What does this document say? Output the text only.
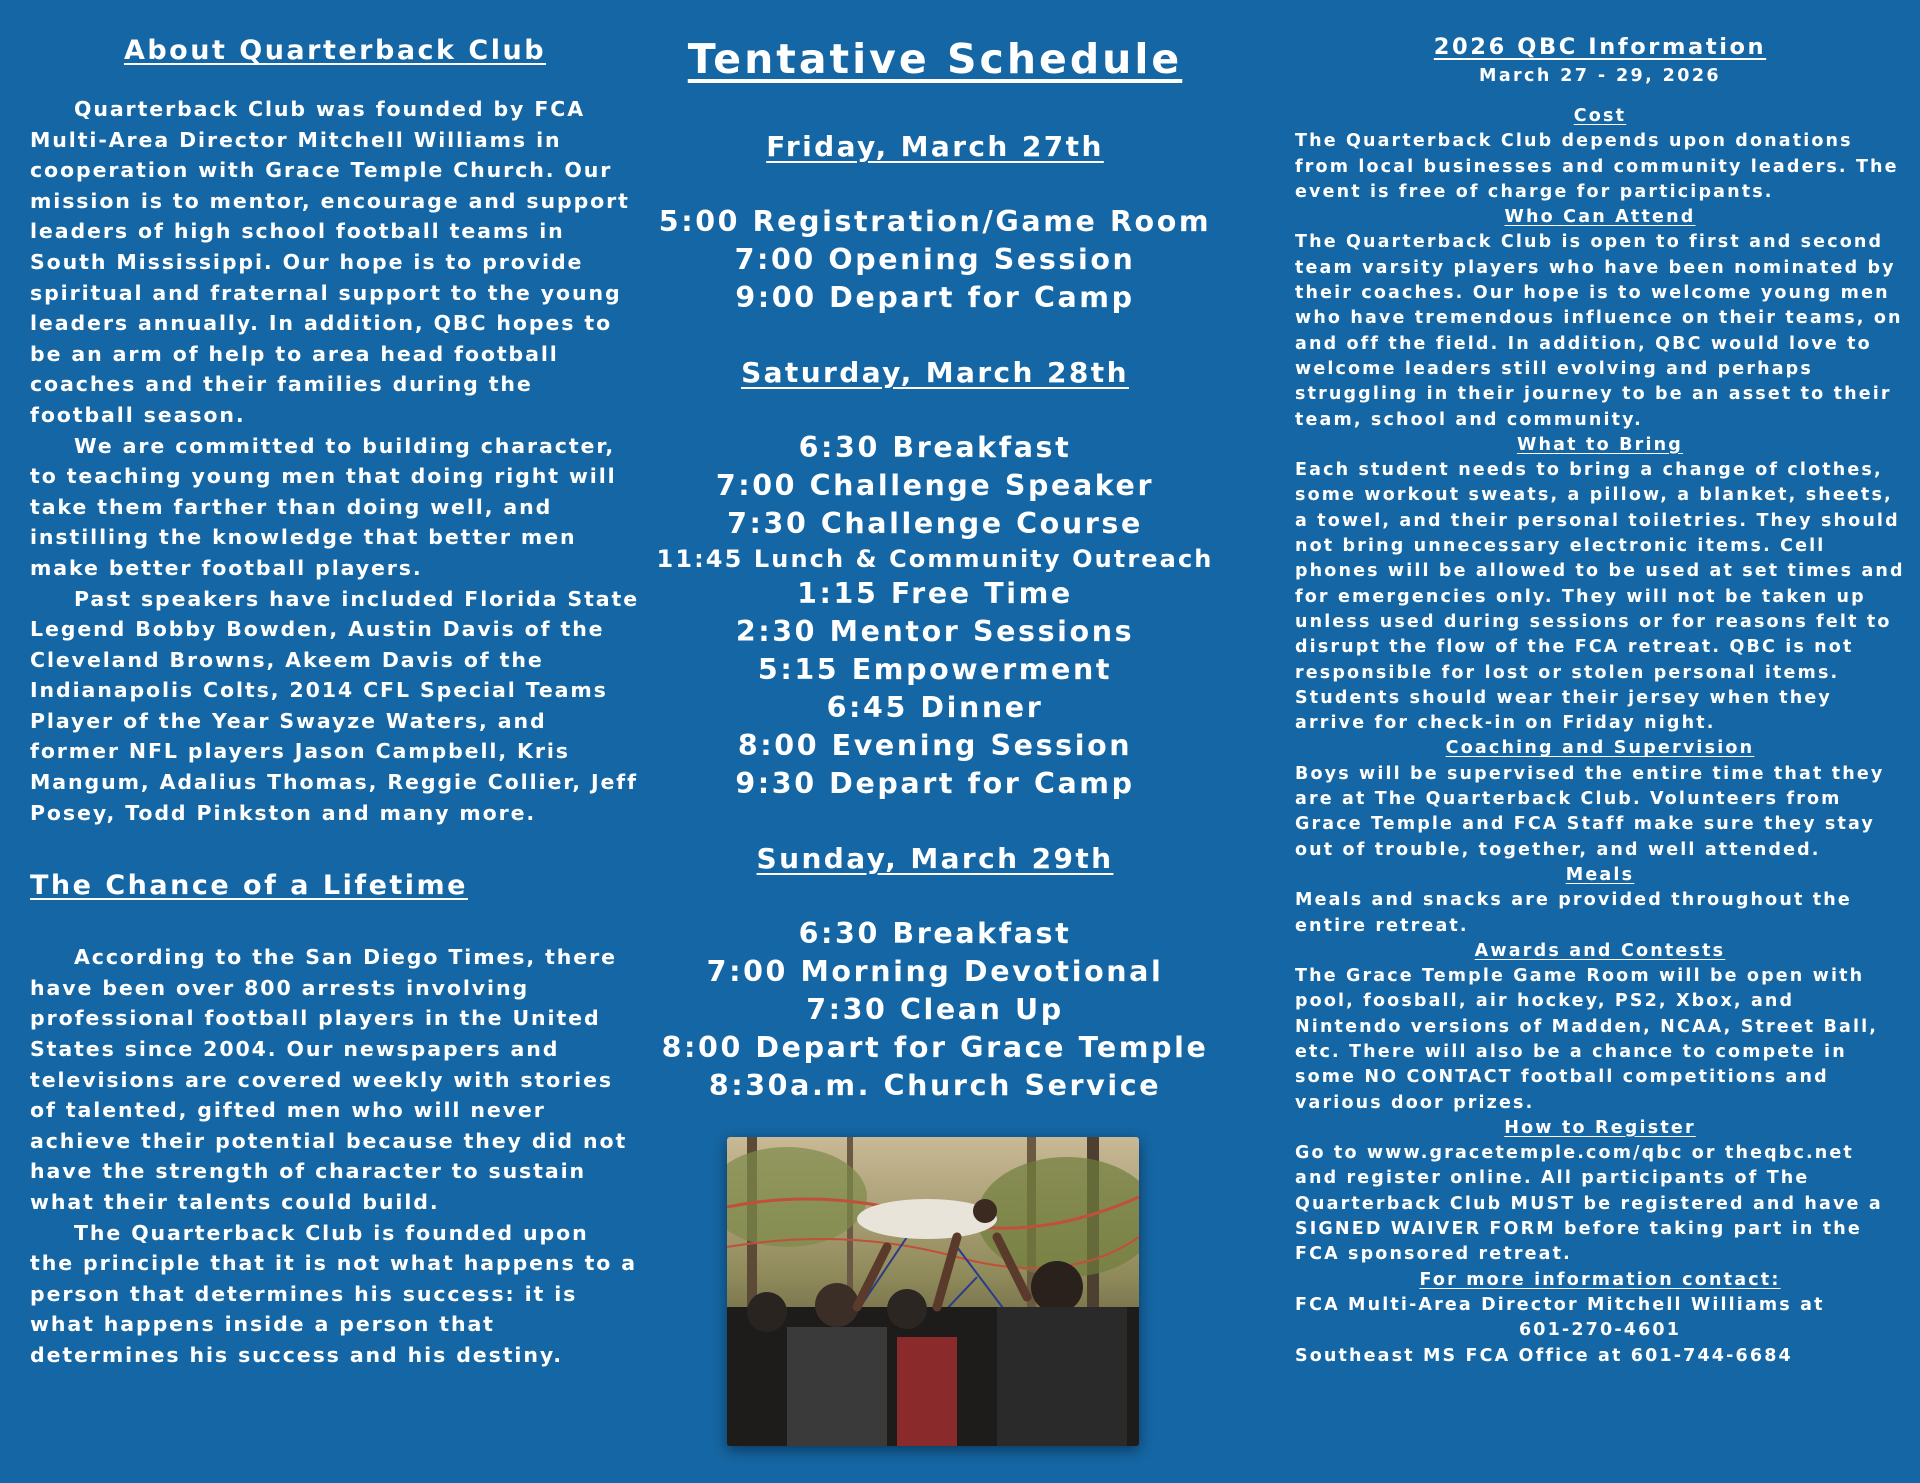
About Quarterback Club

Quarterback Club was founded by FCA Multi-Area Director Mitchell Williams in cooperation with Grace Temple Church. Our mission is to mentor, encourage and support leaders of high school football teams in South Mississippi. Our hope is to provide spiritual and fraternal support to the young leaders annually. In addition, QBC hopes to be an arm of help to area head football coaches and their families during the football season.

We are committed to building character, to teaching young men that doing right will take them farther than doing well, and instilling the knowledge that better men make better football players.

Past speakers have included Florida State Legend Bobby Bowden, Austin Davis of the Cleveland Browns, Akeem Davis of the Indianapolis Colts, 2014 CFL Special Teams Player of the Year Swayze Waters, and former NFL players Jason Campbell, Kris Mangum, Adalius Thomas, Reggie Collier, Jeff Posey, Todd Pinkston and many more.

The Chance of a Lifetime

According to the San Diego Times, there have been over 800 arrests involving professional football players in the United States since 2004. Our newspapers and televisions are covered weekly with stories of talented, gifted men who will never achieve their potential because they did not have the strength of character to sustain what their talents could build.

The Quarterback Club is founded upon the principle that it is not what happens to a person that determines his success: it is what happens inside a person that determines his success and his destiny.

Tentative Schedule
Friday, March 27th

5:00 Registration/Game Room

7:00 Opening Session

9:00 Depart for Camp

Saturday, March 28th

6:30 Breakfast

7:00 Challenge Speaker

7:30 Challenge Course

11:45 Lunch & Community Outreach

1:15 Free Time

2:30 Mentor Sessions

5:15 Empowerment

6:45 Dinner

8:00 Evening Session

9:30 Depart for Camp

Sunday, March 29th

6:30 Breakfast

7:00 Morning Devotional

7:30 Clean Up

8:00 Depart for Grace Temple

8:30a.m. Church Service

2026 QBC Information

March 27 - 29, 2026

Cost

The Quarterback Club depends upon donations from local businesses and community leaders. The event is free of charge for participants.

Who Can Attend

The Quarterback Club is open to first and second team varsity players who have been nominated by their coaches. Our hope is to welcome young men who have tremendous influence on their teams, on and off the field. In addition, QBC would love to welcome leaders still evolving and perhaps struggling in their journey to be an asset to their team, school and community.

What to Bring

Each student needs to bring a change of clothes, some workout sweats, a pillow, a blanket, sheets, a towel, and their personal toiletries. They should not bring unnecessary electronic items. Cell phones will be allowed to be used at set times and for emergencies only. They will not be taken up unless used during sessions or for reasons felt to disrupt the flow of the FCA retreat. QBC is not responsible for lost or stolen personal items. Students should wear their jersey when they arrive for check-in on Friday night.

Coaching and Supervision

Boys will be supervised the entire time that they are at The Quarterback Club. Volunteers from Grace Temple and FCA Staff make sure they stay out of trouble, together, and well attended.

Meals

Meals and snacks are provided throughout the entire retreat.

Awards and Contests

The Grace Temple Game Room will be open with pool, foosball, air hockey, PS2, Xbox, and Nintendo versions of Madden, NCAA, Street Ball, etc. There will also be a chance to compete in some NO CONTACT football competitions and various door prizes.

How to Register

Go to www.gracetemple.com/qbc or theqbc.net and register online. All participants of The Quarterback Club MUST be registered and have a SIGNED WAIVER FORM before taking part in the FCA sponsored retreat.

For more information contact:

FCA Multi-Area Director Mitchell Williams at

601-270-4601

Southeast MS FCA Office at 601-744-6684
